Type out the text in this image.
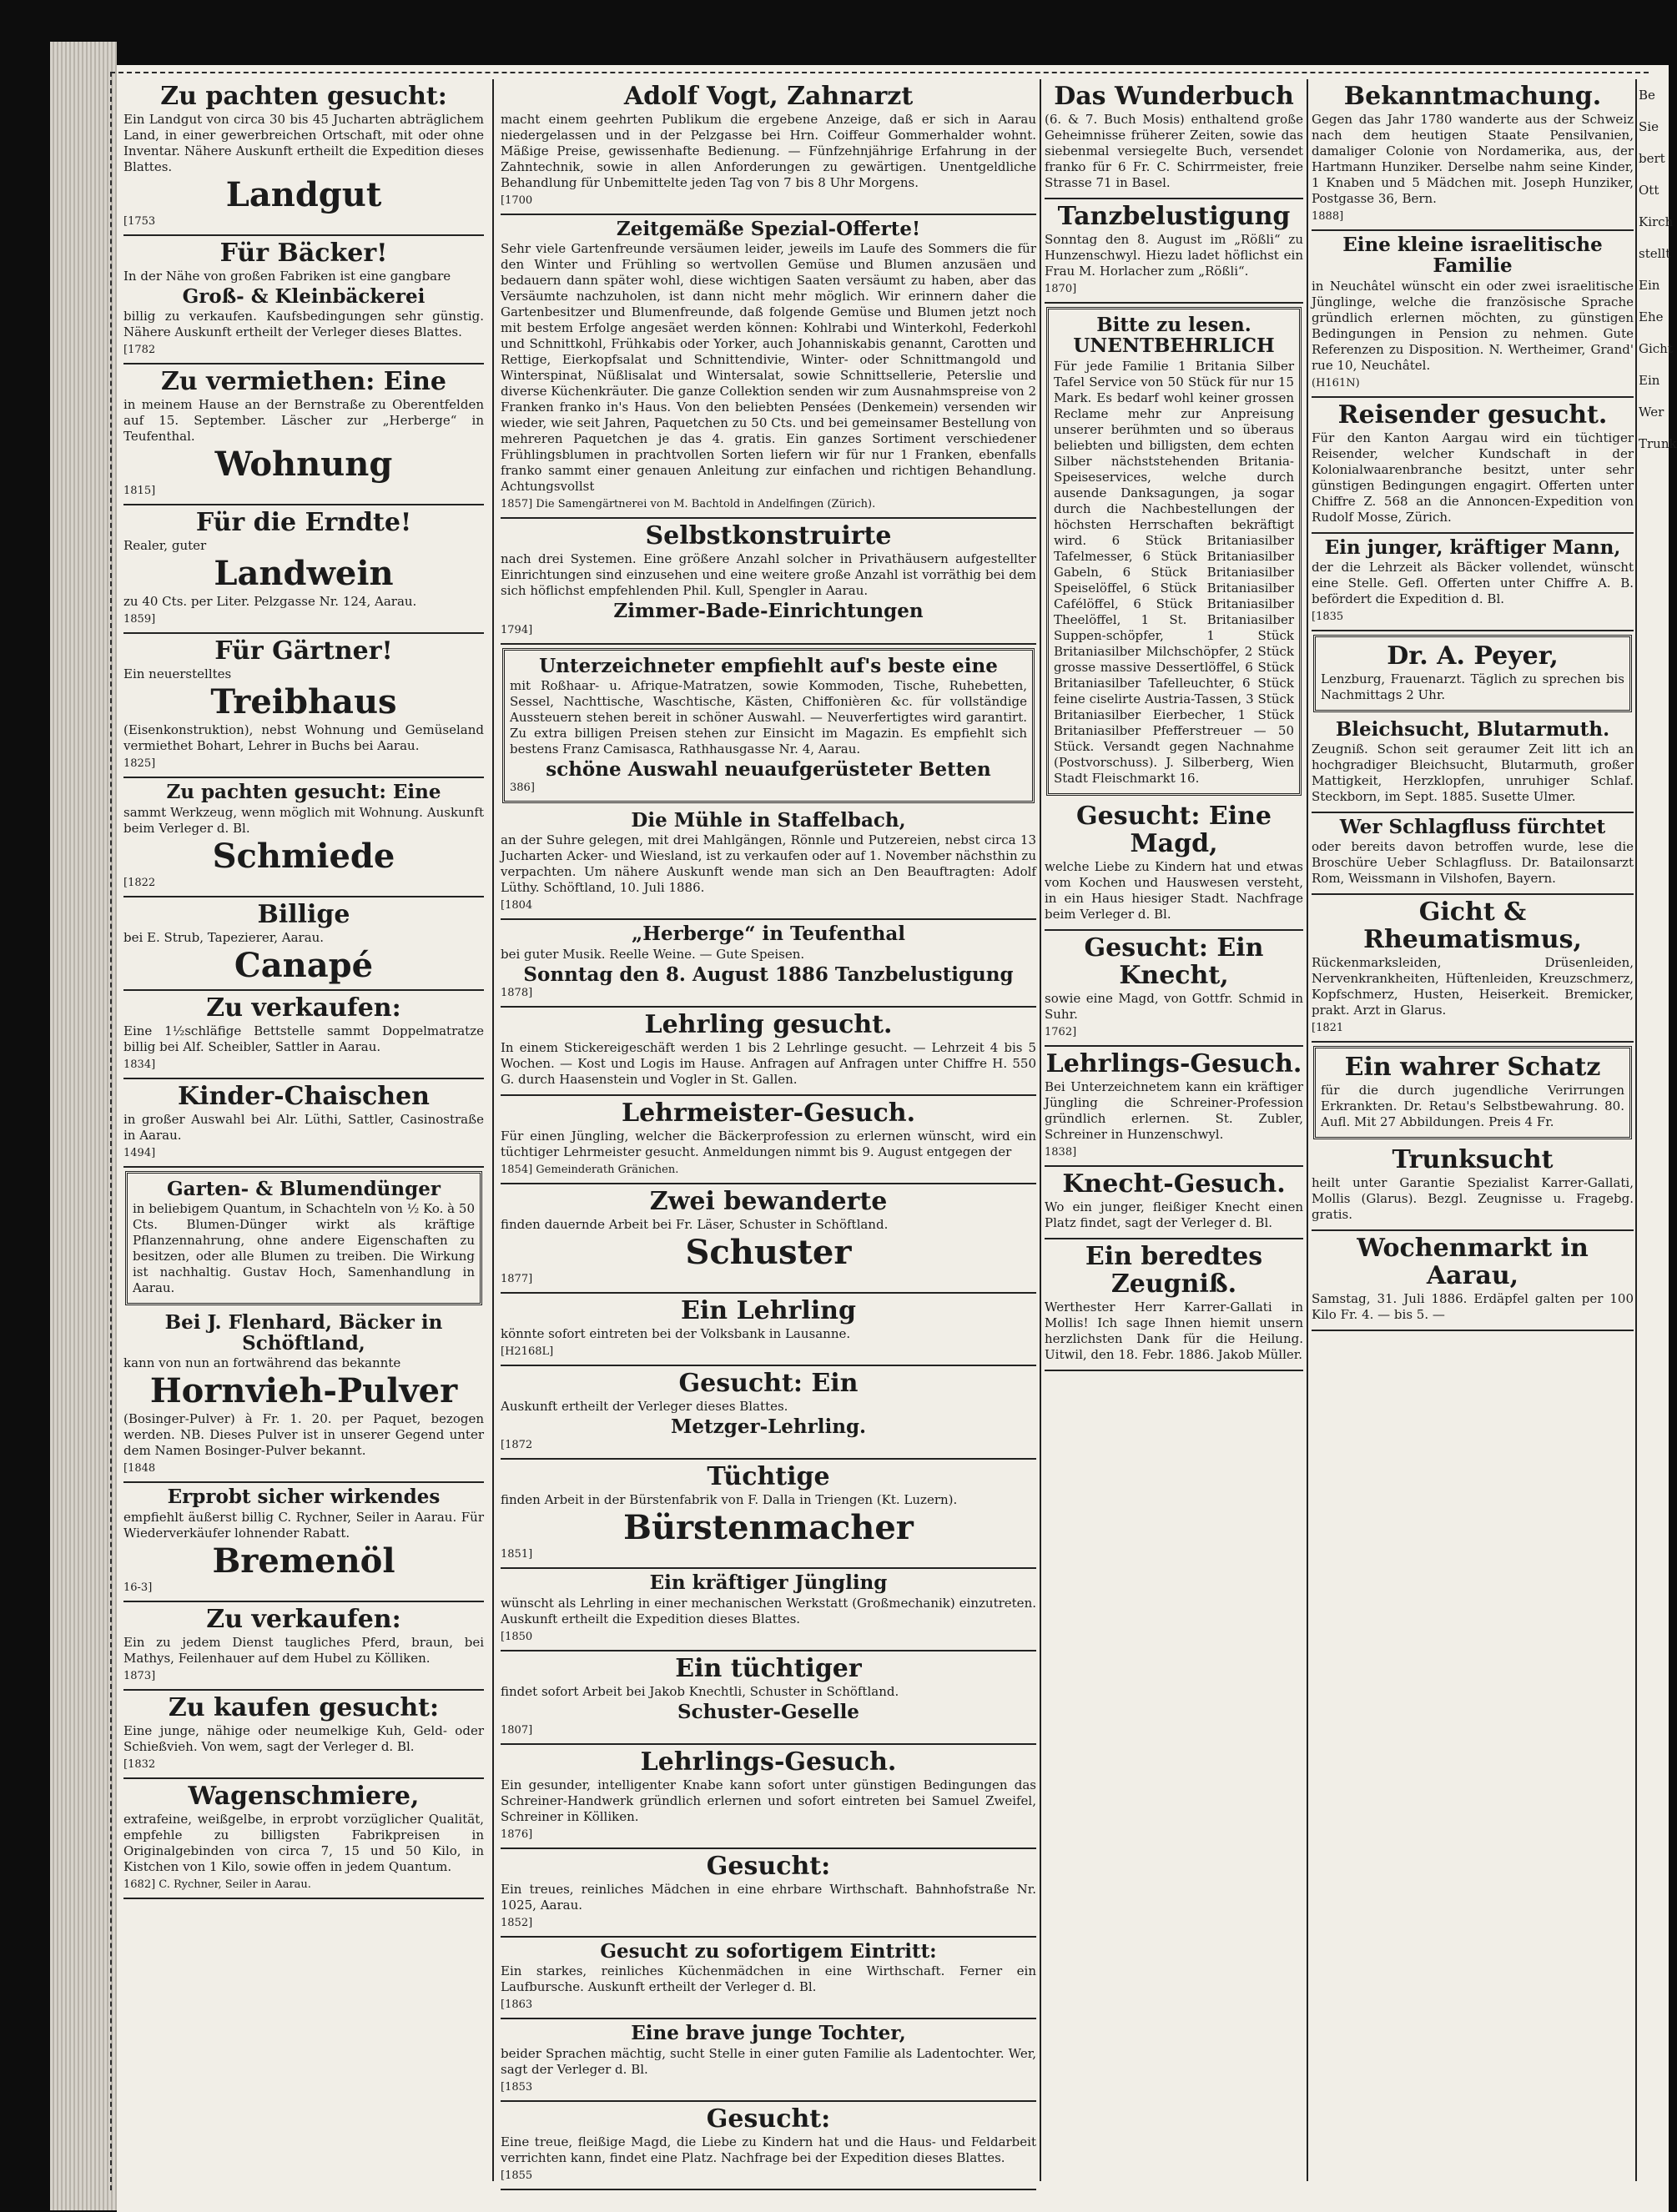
Zu pachten gesucht:
Ein Landgut von circa 30 bis 45 Jucharten abträglichem Land, in einer gewerbreichen Ortschaft, mit oder ohne Inventar. Nähere Auskunft ertheilt die Expedition dieses Blattes.
Landgut
[1753
Für Bäcker!
In der Nähe von großen Fabriken ist eine gangbare
Groß- & Kleinbäckerei
billig zu verkaufen. Kaufsbedingungen sehr günstig. Nähere Auskunft ertheilt der Verleger dieses Blattes.
[1782
Zu vermiethen: Eine
in meinem Hause an der Bernstraße zu Oberentfelden auf 15. September. Läscher zur „Herberge“ in Teufenthal.
Wohnung
1815]
Für die Erndte!
Realer, guter
Landwein
zu 40 Cts. per Liter. Pelzgasse Nr. 124, Aarau.
1859]
Für Gärtner!
Ein neuerstelltes
Treibhaus
(Eisenkonstruktion), nebst Wohnung und Gemüseland vermiethet Bohart, Lehrer in Buchs bei Aarau.
1825]
Zu pachten gesucht: Eine
sammt Werkzeug, wenn möglich mit Wohnung. Auskunft beim Verleger d. Bl.
Schmiede
[1822
Billige
bei E. Strub, Tapezierer, Aarau.
Canapé
Zu verkaufen:
Eine 1½schläfige Bettstelle sammt Doppelmatratze billig bei Alf. Scheibler, Sattler in Aarau.
1834]
Kinder-Chaischen
in großer Auswahl bei Alr. Lüthi, Sattler, Casinostraße in Aarau.
1494]
Garten- & Blumendünger
in beliebigem Quantum, in Schachteln von ½ Ko. à 50 Cts. Blumen-Dünger wirkt als kräftige Pflanzennahrung, ohne andere Eigenschaften zu besitzen, oder alle Blumen zu treiben. Die Wirkung ist nachhaltig. Gustav Hoch, Samenhandlung in Aarau.
Bei J. Flenhard, Bäcker in Schöftland,
kann von nun an fortwährend das bekannte
Hornvieh-Pulver
(Bosinger-Pulver) à Fr. 1. 20. per Paquet, bezogen werden. NB. Dieses Pulver ist in unserer Gegend unter dem Namen Bosinger-Pulver bekannt.
[1848
Erprobt sicher wirkendes
empfiehlt äußerst billig C. Rychner, Seiler in Aarau. Für Wiederverkäufer lohnender Rabatt.
Bremenöl
16-3]
Zu verkaufen:
Ein zu jedem Dienst taugliches Pferd, braun, bei Mathys, Feilenhauer auf dem Hubel zu Kölliken.
1873]
Zu kaufen gesucht:
Eine junge, nähige oder neumelkige Kuh, Geld- oder Schießvieh. Von wem, sagt der Verleger d. Bl.
[1832
Wagenschmiere,
extrafeine, weißgelbe, in erprobt vorzüglicher Qualität, empfehle zu billigsten Fabrikpreisen in Originalgebinden von circa 7, 15 und 50 Kilo, in Kistchen von 1 Kilo, sowie offen in jedem Quantum.
1682] C. Rychner, Seiler in Aarau.
Adolf Vogt, Zahnarzt
macht einem geehrten Publikum die ergebene Anzeige, daß er sich in Aarau niedergelassen und in der Pelzgasse bei Hrn. Coiffeur Gommerhalder wohnt. Mäßige Preise, gewissenhafte Bedienung. — Fünfzehnjährige Erfahrung in der Zahntechnik, sowie in allen Anforderungen zu gewärtigen. Unentgeldliche Behandlung für Unbemittelte jeden Tag von 7 bis 8 Uhr Morgens.
[1700
Zeitgemäße Spezial-Offerte!
Sehr viele Gartenfreunde versäumen leider, jeweils im Laufe des Sommers die für den Winter und Frühling so wertvollen Gemüse und Blumen anzusäen und bedauern dann später wohl, diese wichtigen Saaten versäumt zu haben, aber das Versäumte nachzuholen, ist dann nicht mehr möglich. Wir erinnern daher die Gartenbesitzer und Blumenfreunde, daß folgende Gemüse und Blumen jetzt noch mit bestem Erfolge angesäet werden können: Kohlrabi und Winterkohl, Federkohl und Schnittkohl, Frühkabis oder Yorker, auch Johanniskabis genannt, Carotten und Rettige, Eierkopfsalat und Schnittendivie, Winter- oder Schnittmangold und Winterspinat, Nüßlisalat und Wintersalat, sowie Schnittsellerie, Peterslie und diverse Küchenkräuter. Die ganze Collektion senden wir zum Ausnahmspreise von 2 Franken franko in's Haus. Von den beliebten Pensées (Denkemein) versenden wir wieder, wie seit Jahren, Paquetchen zu 50 Cts. und bei gemeinsamer Bestellung von mehreren Paquetchen je das 4. gratis. Ein ganzes Sortiment verschiedener Frühlingsblumen in prachtvollen Sorten liefern wir für nur 1 Franken, ebenfalls franko sammt einer genauen Anleitung zur einfachen und richtigen Behandlung. Achtungsvollst
1857] Die Samengärtnerei von M. Bachtold in Andelfingen (Zürich).
Selbstkonstruirte
nach drei Systemen. Eine größere Anzahl solcher in Privathäusern aufgestellter Einrichtungen sind einzusehen und eine weitere große Anzahl ist vorräthig bei dem sich höflichst empfehlenden Phil. Kull, Spengler in Aarau.
Zimmer-Bade-Einrichtungen
1794]
Unterzeichneter empfiehlt auf's beste eine
mit Roßhaar- u. Afrique-Matratzen, sowie Kommoden, Tische, Ruhebetten, Sessel, Nachttische, Waschtische, Kästen, Chiffonièren &c. für vollständige Aussteuern stehen bereit in schöner Auswahl. — Neuverfertigtes wird garantirt. Zu extra billigen Preisen stehen zur Einsicht im Magazin. Es empfiehlt sich bestens Franz Camisasca, Rathhausgasse Nr. 4, Aarau.
schöne Auswahl neuaufgerüsteter Betten
386]
Die Mühle in Staffelbach,
an der Suhre gelegen, mit drei Mahlgängen, Rönnle und Putzereien, nebst circa 13 Jucharten Acker- und Wiesland, ist zu verkaufen oder auf 1. November nächsthin zu verpachten. Um nähere Auskunft wende man sich an Den Beauftragten: Adolf Lüthy. Schöftland, 10. Juli 1886.
[1804
„Herberge“ in Teufenthal
bei guter Musik. Reelle Weine. — Gute Speisen.
Sonntag den 8. August 1886 Tanzbelustigung
1878]
Lehrling gesucht.
In einem Stickereigeschäft werden 1 bis 2 Lehrlinge gesucht. — Lehrzeit 4 bis 5 Wochen. — Kost und Logis im Hause. Anfragen auf Anfragen unter Chiffre H. 550 G. durch Haasenstein und Vogler in St. Gallen.
Lehrmeister-Gesuch.
Für einen Jüngling, welcher die Bäckerprofession zu erlernen wünscht, wird ein tüchtiger Lehrmeister gesucht. Anmeldungen nimmt bis 9. August entgegen der
1854] Gemeinderath Gränichen.
Zwei bewanderte
finden dauernde Arbeit bei Fr. Läser, Schuster in Schöftland.
Schuster
1877]
Ein Lehrling
könnte sofort eintreten bei der Volksbank in Lausanne.
[H2168L]
Gesucht: Ein
Auskunft ertheilt der Verleger dieses Blattes.
Metzger-Lehrling.
[1872
Tüchtige
finden Arbeit in der Bürstenfabrik von F. Dalla in Triengen (Kt. Luzern).
Bürstenmacher
1851]
Ein kräftiger Jüngling
wünscht als Lehrling in einer mechanischen Werkstatt (Großmechanik) einzutreten. Auskunft ertheilt die Expedition dieses Blattes.
[1850
Ein tüchtiger
findet sofort Arbeit bei Jakob Knechtli, Schuster in Schöftland.
Schuster-Geselle
1807]
Lehrlings-Gesuch.
Ein gesunder, intelligenter Knabe kann sofort unter günstigen Bedingungen das Schreiner-Handwerk gründlich erlernen und sofort eintreten bei Samuel Zweifel, Schreiner in Kölliken.
1876]
Gesucht:
Ein treues, reinliches Mädchen in eine ehrbare Wirthschaft. Bahnhofstraße Nr. 1025, Aarau.
1852]
Gesucht zu sofortigem Eintritt:
Ein starkes, reinliches Küchenmädchen in eine Wirthschaft. Ferner ein Laufbursche. Auskunft ertheilt der Verleger d. Bl.
[1863
Eine brave junge Tochter,
beider Sprachen mächtig, sucht Stelle in einer guten Familie als Ladentochter. Wer, sagt der Verleger d. Bl.
[1853
Gesucht:
Eine treue, fleißige Magd, die Liebe zu Kindern hat und die Haus- und Feldarbeit verrichten kann, findet eine Platz. Nachfrage bei der Expedition dieses Blattes.
[1855
Das Wunderbuch
(6. & 7. Buch Mosis) enthaltend große Geheimnisse früherer Zeiten, sowie das siebenmal versiegelte Buch, versendet franko für 6 Fr. C. Schirrmeister, freie Strasse 71 in Basel.
Tanzbelustigung
Sonntag den 8. August im „Rößli“ zu Hunzenschwyl. Hiezu ladet höflichst ein Frau M. Horlacher zum „Rößli“.
1870]
Bitte zu lesen. UNENTBEHRLICH
Für jede Familie 1 Britania Silber Tafel Service von 50 Stück für nur 15 Mark. Es bedarf wohl keiner grossen Reclame mehr zur Anpreisung unserer berühmten und so überaus beliebten und billigsten, dem echten Silber nächststehenden Britania-Speiseservices, welche durch ausende Danksagungen, ja sogar durch die Nachbestellungen der höchsten Herrschaften bekräftigt wird. 6 Stück Britaniasilber Tafelmesser, 6 Stück Britaniasilber Gabeln, 6 Stück Britaniasilber Speiselöffel, 6 Stück Britaniasilber Cafélöffel, 6 Stück Britaniasilber Theelöffel, 1 St. Britaniasilber Suppen-schöpfer, 1 Stück Britaniasilber Milchschöpfer, 2 Stück grosse massive Dessertlöffel, 6 Stück Britaniasilber Tafelleuchter, 6 Stück feine ciselirte Austria-Tassen, 3 Stück Britaniasilber Eierbecher, 1 Stück Britaniasilber Pfefferstreuer — 50 Stück. Versandt gegen Nachnahme (Postvorschuss). J. Silberberg, Wien Stadt Fleischmarkt 16.
Gesucht: Eine Magd,
welche Liebe zu Kindern hat und etwas vom Kochen und Hauswesen versteht, in ein Haus hiesiger Stadt. Nachfrage beim Verleger d. Bl.
Gesucht: Ein Knecht,
sowie eine Magd, von Gottfr. Schmid in Suhr.
1762]
Lehrlings-Gesuch.
Bei Unterzeichnetem kann ein kräftiger Jüngling die Schreiner-Profession gründlich erlernen. St. Zubler, Schreiner in Hunzenschwyl.
1838]
Knecht-Gesuch.
Wo ein junger, fleißiger Knecht einen Platz findet, sagt der Verleger d. Bl.
Ein beredtes Zeugniß.
Werthester Herr Karrer-Gallati in Mollis! Ich sage Ihnen hiemit unsern herzlichsten Dank für die Heilung. Uitwil, den 18. Febr. 1886. Jakob Müller.
Bekanntmachung.
Gegen das Jahr 1780 wanderte aus der Schweiz nach dem heutigen Staate Pensilvanien, damaliger Colonie von Nordamerika, aus, der Hartmann Hunziker. Derselbe nahm seine Kinder, 1 Knaben und 5 Mädchen mit. Joseph Hunziker, Postgasse 36, Bern.
1888]
Eine kleine israelitische Familie
in Neuchâtel wünscht ein oder zwei israelitische Jünglinge, welche die französische Sprache gründlich erlernen möchten, zu günstigen Bedingungen in Pension zu nehmen. Gute Referenzen zu Disposition. N. Wertheimer, Grand' rue 10, Neuchâtel.
(H161N)
Reisender gesucht.
Für den Kanton Aargau wird ein tüchtiger Reisender, welcher Kundschaft in der Kolonialwaarenbranche besitzt, unter sehr günstigen Bedingungen engagirt. Offerten unter Chiffre Z. 568 an die Annoncen-Expedition von Rudolf Mosse, Zürich.
Ein junger, kräftiger Mann,
der die Lehrzeit als Bäcker vollendet, wünscht eine Stelle. Gefl. Offerten unter Chiffre A. B. befördert die Expedition d. Bl.
[1835
Dr. A. Peyer,
Lenzburg, Frauenarzt. Täglich zu sprechen bis Nachmittags 2 Uhr.
Bleichsucht, Blutarmuth.
Zeugniß. Schon seit geraumer Zeit litt ich an hochgradiger Bleichsucht, Blutarmuth, großer Mattigkeit, Herzklopfen, unruhiger Schlaf. Steckborn, im Sept. 1885. Susette Ulmer.
Wer Schlagfluss fürchtet
oder bereits davon betroffen wurde, lese die Broschüre Ueber Schlagfluss. Dr. Batailonsarzt Rom, Weissmann in Vilshofen, Bayern.
Gicht & Rheumatismus,
Rückenmarksleiden, Drüsenleiden, Nervenkrankheiten, Hüftenleiden, Kreuzschmerz, Kopfschmerz, Husten, Heiserkeit. Bremicker, prakt. Arzt in Glarus.
[1821
Ein wahrer Schatz
für die durch jugendliche Verirrungen Erkrankten. Dr. Retau's Selbstbewahrung. 80. Aufl. Mit 27 Abbildungen. Preis 4 Fr.
Trunksucht
heilt unter Garantie Spezialist Karrer-Gallati, Mollis (Glarus). Bezgl. Zeugnisse u. Fragebg. gratis.
Wochenmarkt in Aarau,
Samstag, 31. Juli 1886. Erdäpfel galten per 100 Kilo Fr. 4. — bis 5. —
Be
Sie
bert
Ott
Kirch
stellt
Ein
Ehe
Gicht
Ein
Wer
Trunk
